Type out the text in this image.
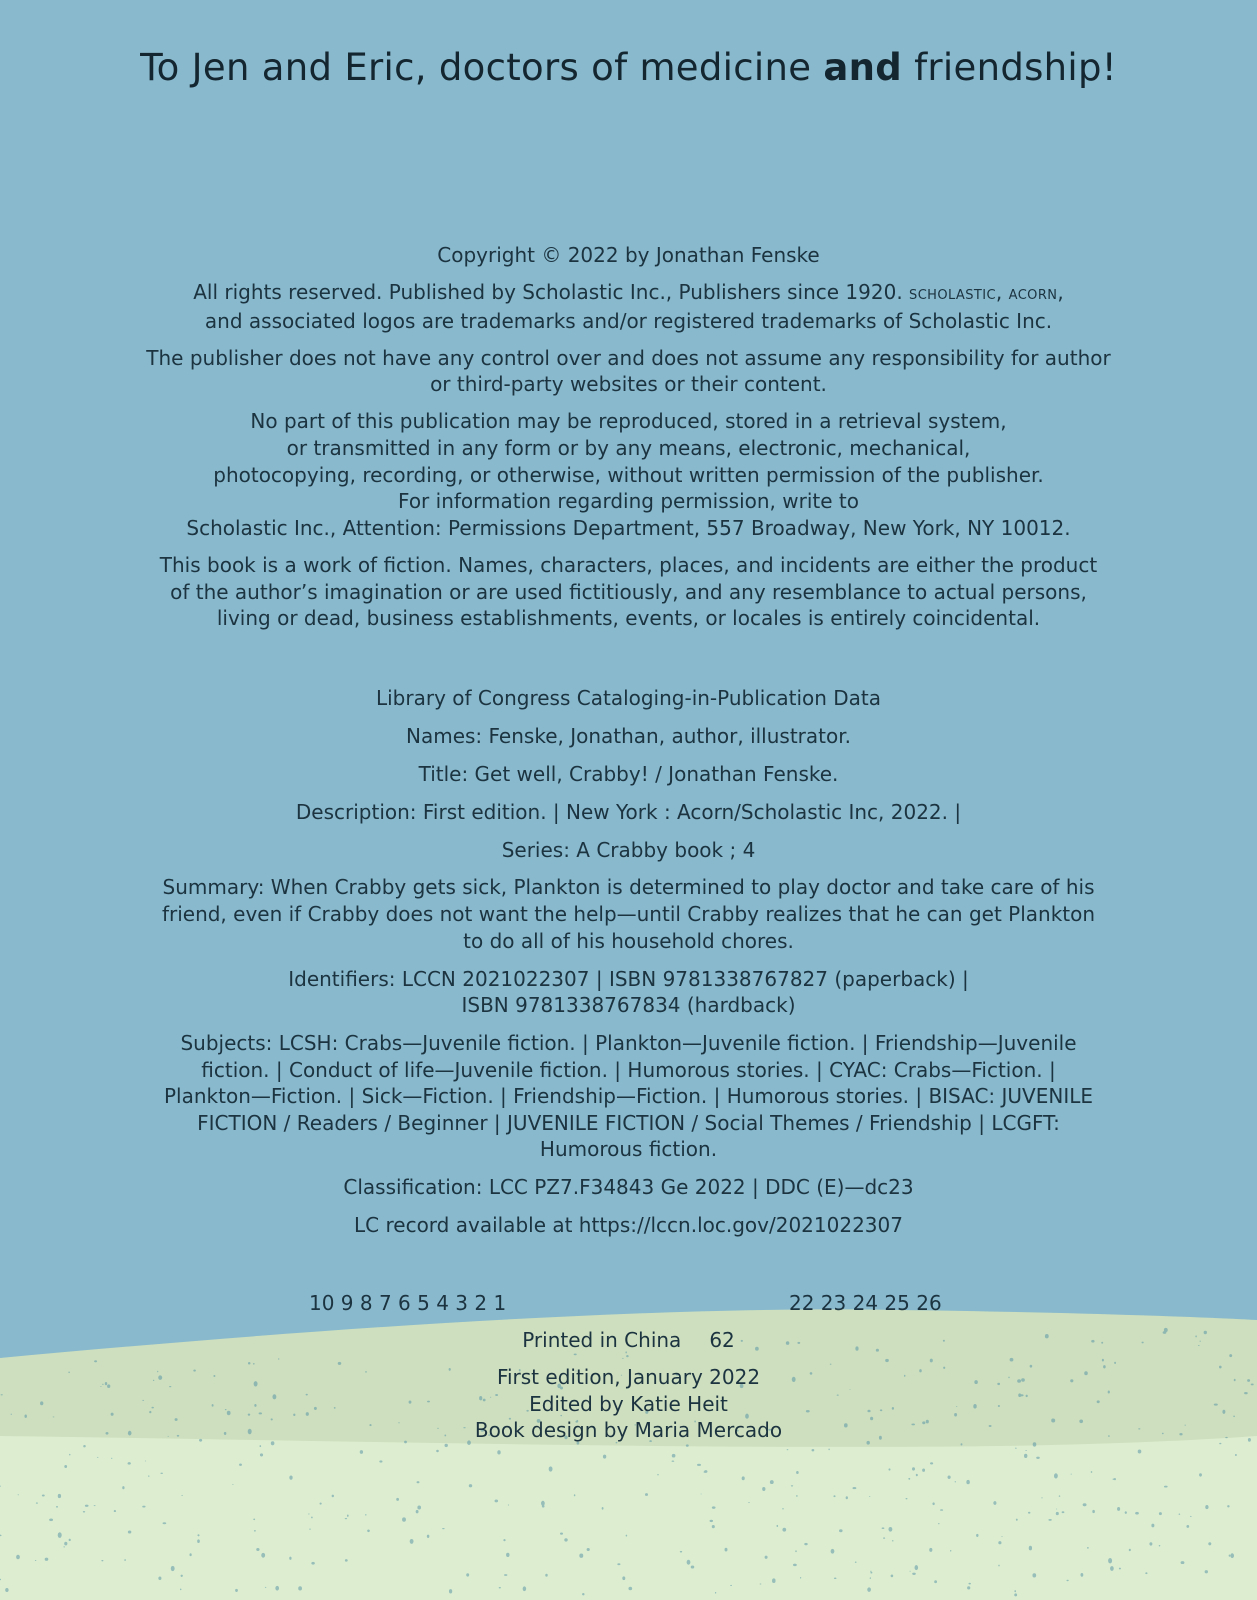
To Jen and Eric, doctors of medicine and friendship!
Copyright © 2022 by Jonathan Fenske
All rights reserved. Published by Scholastic Inc., Publishers since 1920. scholastic, acorn,
and associated logos are trademarks and/or registered trademarks of Scholastic Inc.
The publisher does not have any control over and does not assume any responsibility for author
or third-party websites or their content.
No part of this publication may be reproduced, stored in a retrieval system,
or transmitted in any form or by any means, electronic, mechanical,
photocopying, recording, or otherwise, without written permission of the publisher.
For information regarding permission, write to
Scholastic Inc., Attention: Permissions Department, 557 Broadway, New York, NY 10012.
This book is a work of fiction. Names, characters, places, and incidents are either the product
of the author’s imagination or are used fictitiously, and any resemblance to actual persons,
living or dead, business establishments, events, or locales is entirely coincidental.
Library of Congress Cataloging-in-Publication Data
Names: Fenske, Jonathan, author, illustrator.
Title: Get well, Crabby! / Jonathan Fenske.
Description: First edition. | New York : Acorn/Scholastic Inc, 2022. |
Series: A Crabby book ; 4
Summary: When Crabby gets sick, Plankton is determined to play doctor and take care of his
friend, even if Crabby does not want the help—until Crabby realizes that he can get Plankton
to do all of his household chores.
Identifiers: LCCN 2021022307 | ISBN 9781338767827 (paperback) |
ISBN 9781338767834 (hardback)
Subjects: LCSH: Crabs—Juvenile fiction. | Plankton—Juvenile fiction. | Friendship—Juvenile
fiction. | Conduct of life—Juvenile fiction. | Humorous stories. | CYAC: Crabs—Fiction. |
Plankton—Fiction. | Sick—Fiction. | Friendship—Fiction. | Humorous stories. | BISAC: JUVENILE
FICTION / Readers / Beginner | JUVENILE FICTION / Social Themes / Friendship | LCGFT:
Humorous fiction.
Classification: LCC PZ7.F34843 Ge 2022 | DDC (E)—dc23
LC record available at https://lccn.loc.gov/2021022307
10 9 8 7 6 5 4 3 2 1	22 23 24 25 26
Printed in China 62
First edition, January 2022
Edited by Katie Heit
Book design by Maria Mercado
